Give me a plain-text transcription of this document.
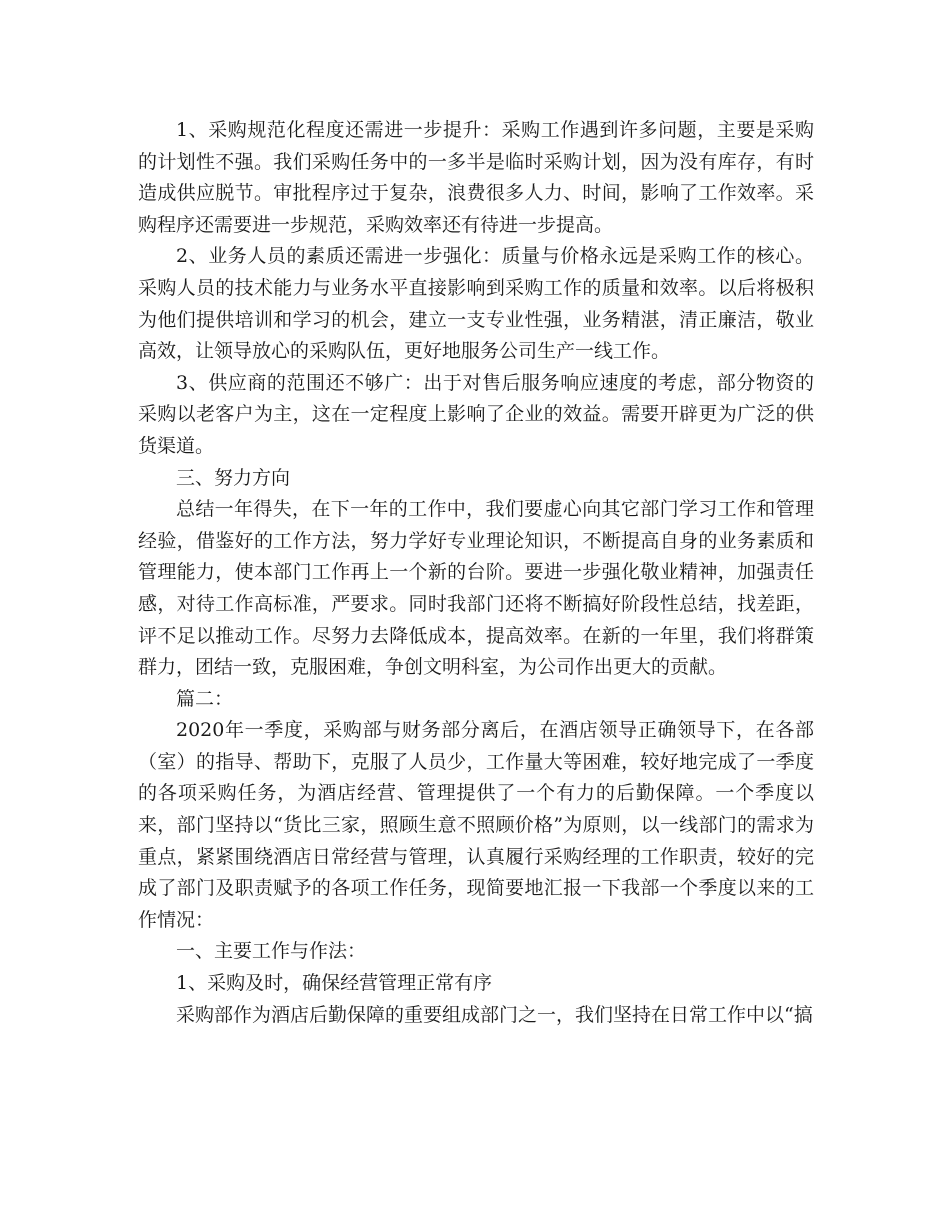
1、采购规范化程度还需进一步提升：采购工作遇到许多问题，主要是采购的计划性不强。我们采购任务中的一多半是临时采购计划，因为没有库存，有时造成供应脱节。审批程序过于复杂，浪费很多人力、时间，影响了工作效率。采购程序还需要进一步规范，采购效率还有待进一步提高。

2、业务人员的素质还需进一步强化：质量与价格永远是采购工作的核心。采购人员的技术能力与业务水平直接影响到采购工作的质量和效率。以后将极积为他们提供培训和学习的机会，建立一支专业性强，业务精湛，清正廉洁，敬业高效，让领导放心的采购队伍，更好地服务公司生产一线工作。

3、供应商的范围还不够广：出于对售后服务响应速度的考虑，部分物资的采购以老客户为主，这在一定程度上影响了企业的效益。需要开辟更为广泛的供货渠道。

三、努力方向

总结一年得失，在下一年的工作中，我们要虚心向其它部门学习工作和管理经验，借鉴好的工作方法，努力学好专业理论知识，不断提高自身的业务素质和管理能力，使本部门工作再上一个新的台阶。要进一步强化敬业精神，加强责任感，对待工作高标准，严要求。同时我部门还将不断搞好阶段性总结，找差距，评不足以推动工作。尽努力去降低成本，提高效率。在新的一年里，我们将群策群力，团结一致，克服困难，争创文明科室，为公司作出更大的贡献。

篇二：

2020年一季度，采购部与财务部分离后，在酒店领导正确领导下，在各部（室）的指导、帮助下，克服了人员少，工作量大等困难，较好地完成了一季度的各项采购任务，为酒店经营、管理提供了一个有力的后勤保障。一个季度以来，部门坚持以“货比三家，照顾生意不照顾价格”为原则，以一线部门的需求为重点，紧紧围绕酒店日常经营与管理，认真履行采购经理的工作职责，较好的完成了部门及职责赋予的各项工作任务，现简要地汇报一下我部一个季度以来的工作情况：

一、主要工作与作法：

1、采购及时，确保经营管理正常有序

采购部作为酒店后勤保障的重要组成部门之一，我们坚持在日常工作中以“搞
